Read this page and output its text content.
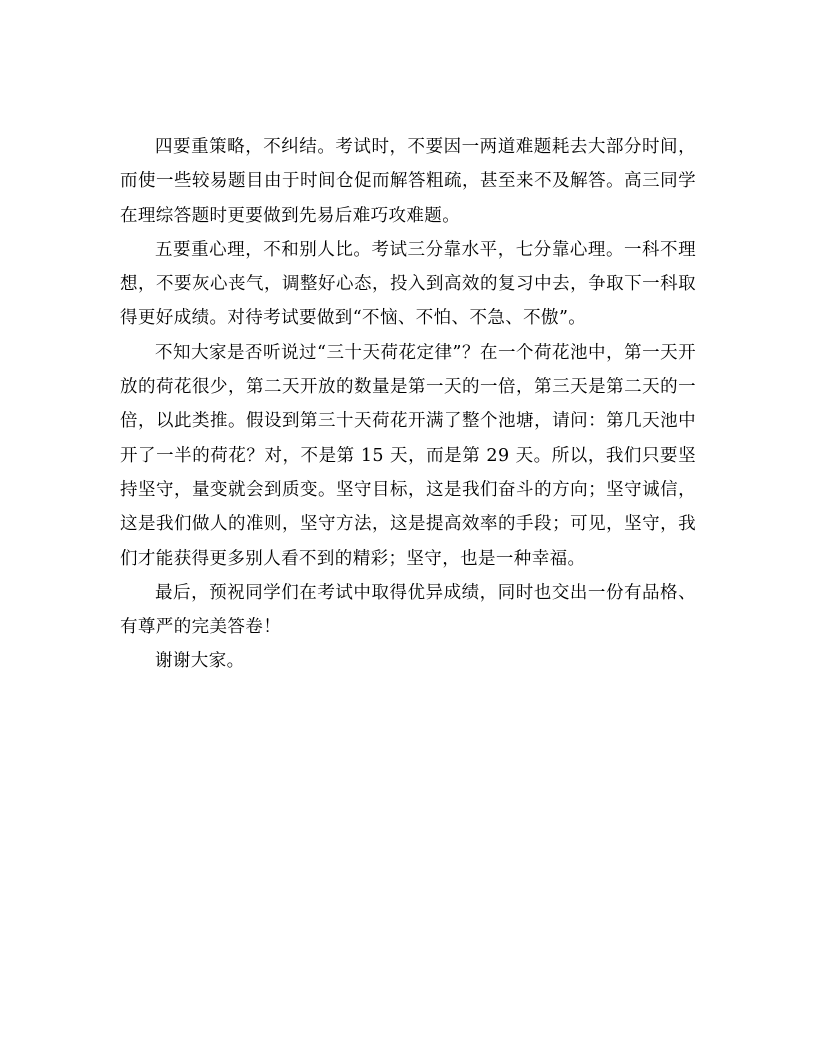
四要重策略，不纠结。考试时，不要因一两道难题耗去大部分时间，而使一些较易题目由于时间仓促而解答粗疏，甚至来不及解答。高三同学在理综答题时更要做到先易后难巧攻难题。

五要重心理，不和别人比。考试三分靠水平，七分靠心理。一科不理想，不要灰心丧气，调整好心态，投入到高效的复习中去，争取下一科取得更好成绩。对待考试要做到“不恼、不怕、不急、不傲”。

不知大家是否听说过“三十天荷花定律”？在一个荷花池中，第一天开放的荷花很少，第二天开放的数量是第一天的一倍，第三天是第二天的一倍，以此类推。假设到第三十天荷花开满了整个池塘，请问：第几天池中开了一半的荷花？对，不是第 15 天，而是第 29 天。所以，我们只要坚持坚守，量变就会到质变。坚守目标，这是我们奋斗的方向；坚守诚信，这是我们做人的准则，坚守方法，这是提高效率的手段；可见，坚守，我们才能获得更多别人看不到的精彩；坚守，也是一种幸福。

最后，预祝同学们在考试中取得优异成绩，同时也交出一份有品格、有尊严的完美答卷！

谢谢大家。
